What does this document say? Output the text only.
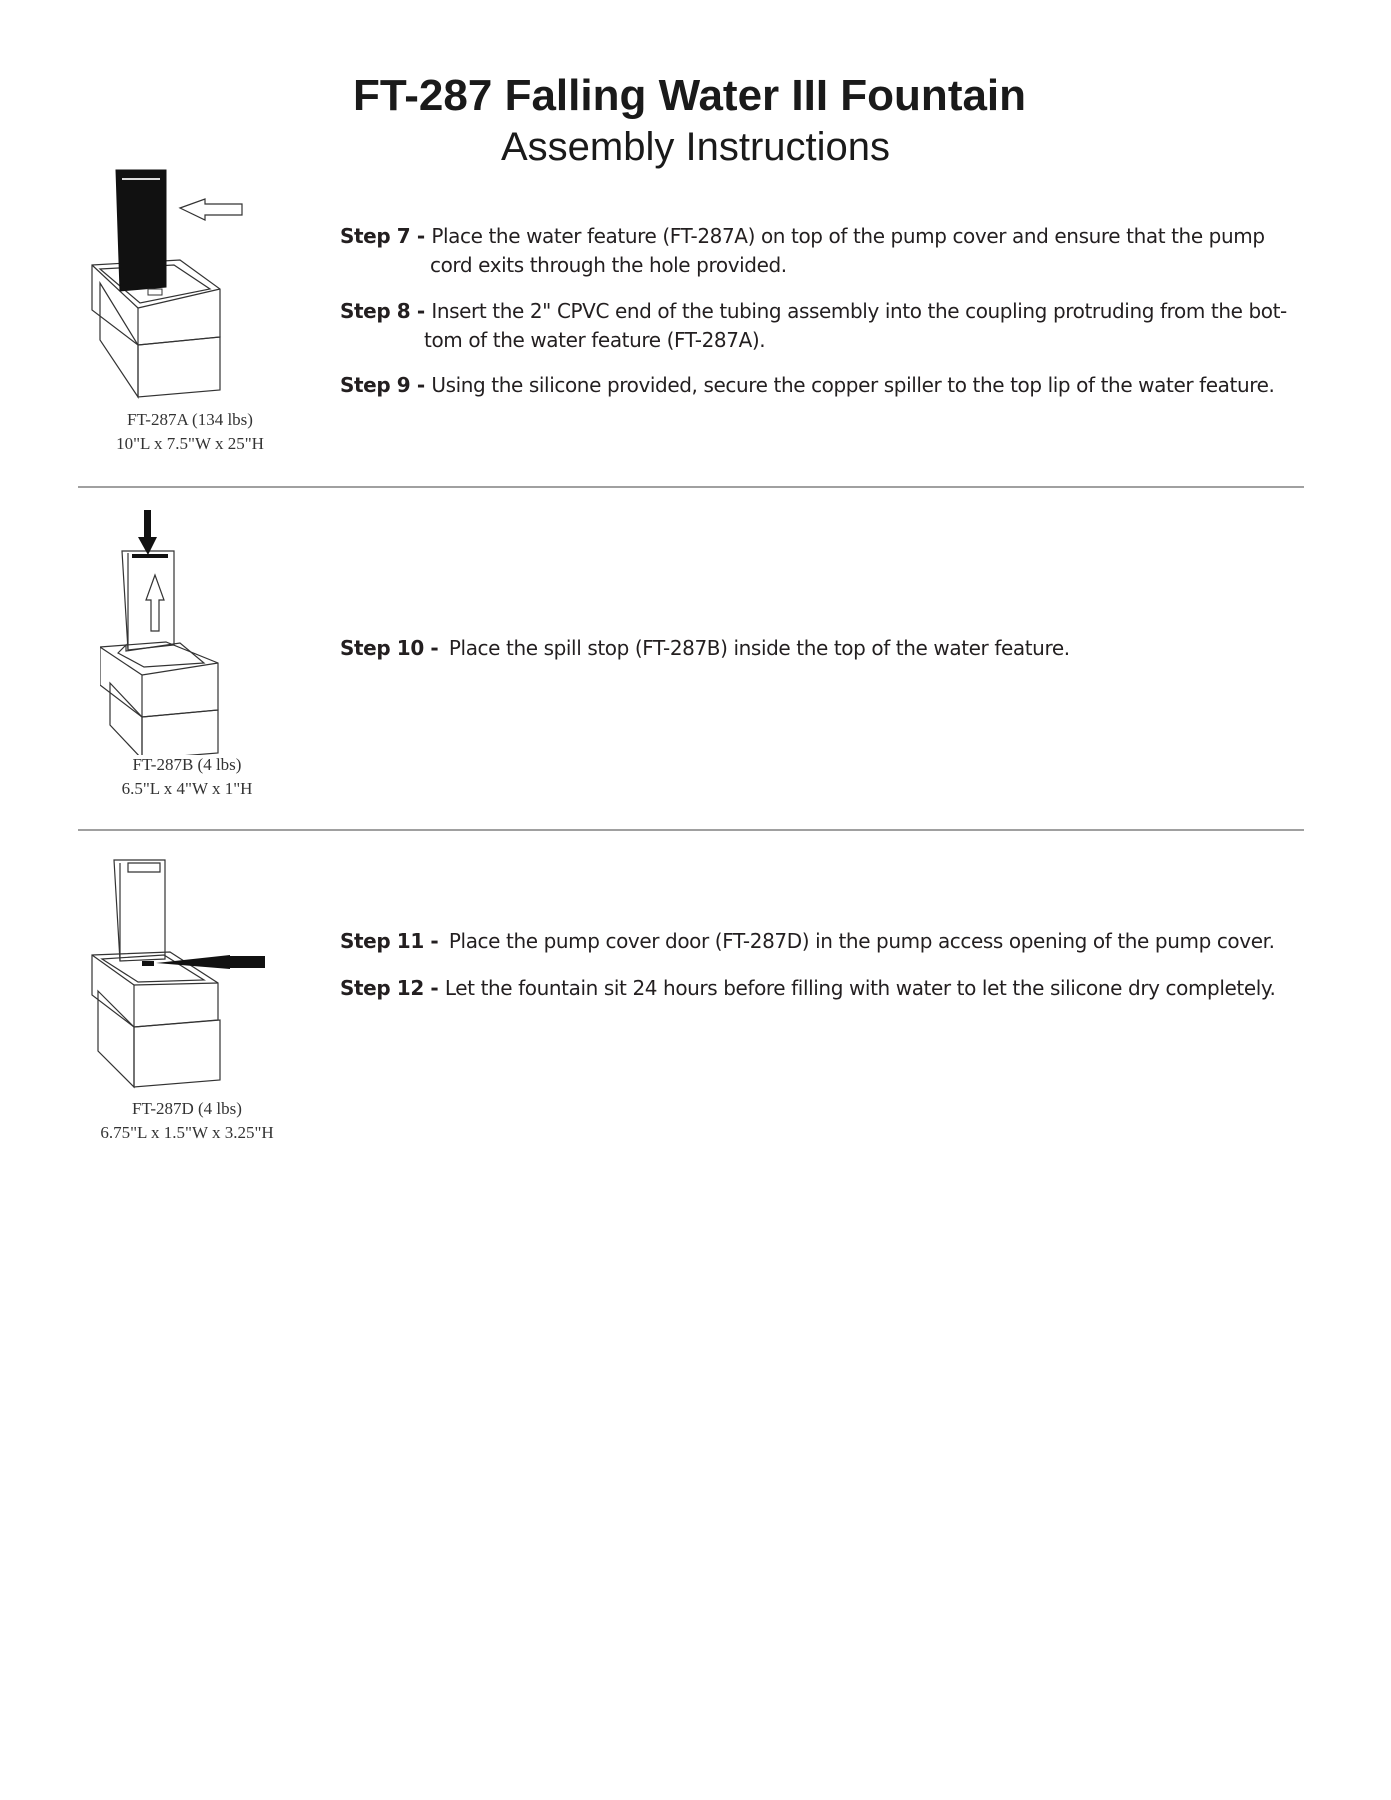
FT-287 Falling Water III Fountain
Assembly Instructions
FT-287A (134 lbs)
10"L x 7.5"W x 25"H
Step 7 - Place the water feature (FT-287A) on top of the pump cover and ensure that the pump
cord exits through the hole provided.
Step 8 - Insert the 2" CPVC end of the tubing assembly into the coupling protruding from the bot-
tom of the water feature (FT-287A).
Step 9 - Using the silicone provided, secure the copper spiller to the top lip of the water feature.
FT-287B (4 lbs)
6.5"L x 4"W x 1"H
Step 10 - Place the spill stop (FT-287B) inside the top of the water feature.
FT-287D (4 lbs)
6.75"L x 1.5"W x 3.25"H
Step 11 - Place the pump cover door (FT-287D) in the pump access opening of the pump cover.
Step 12 - Let the fountain sit 24 hours before filling with water to let the silicone dry completely.
